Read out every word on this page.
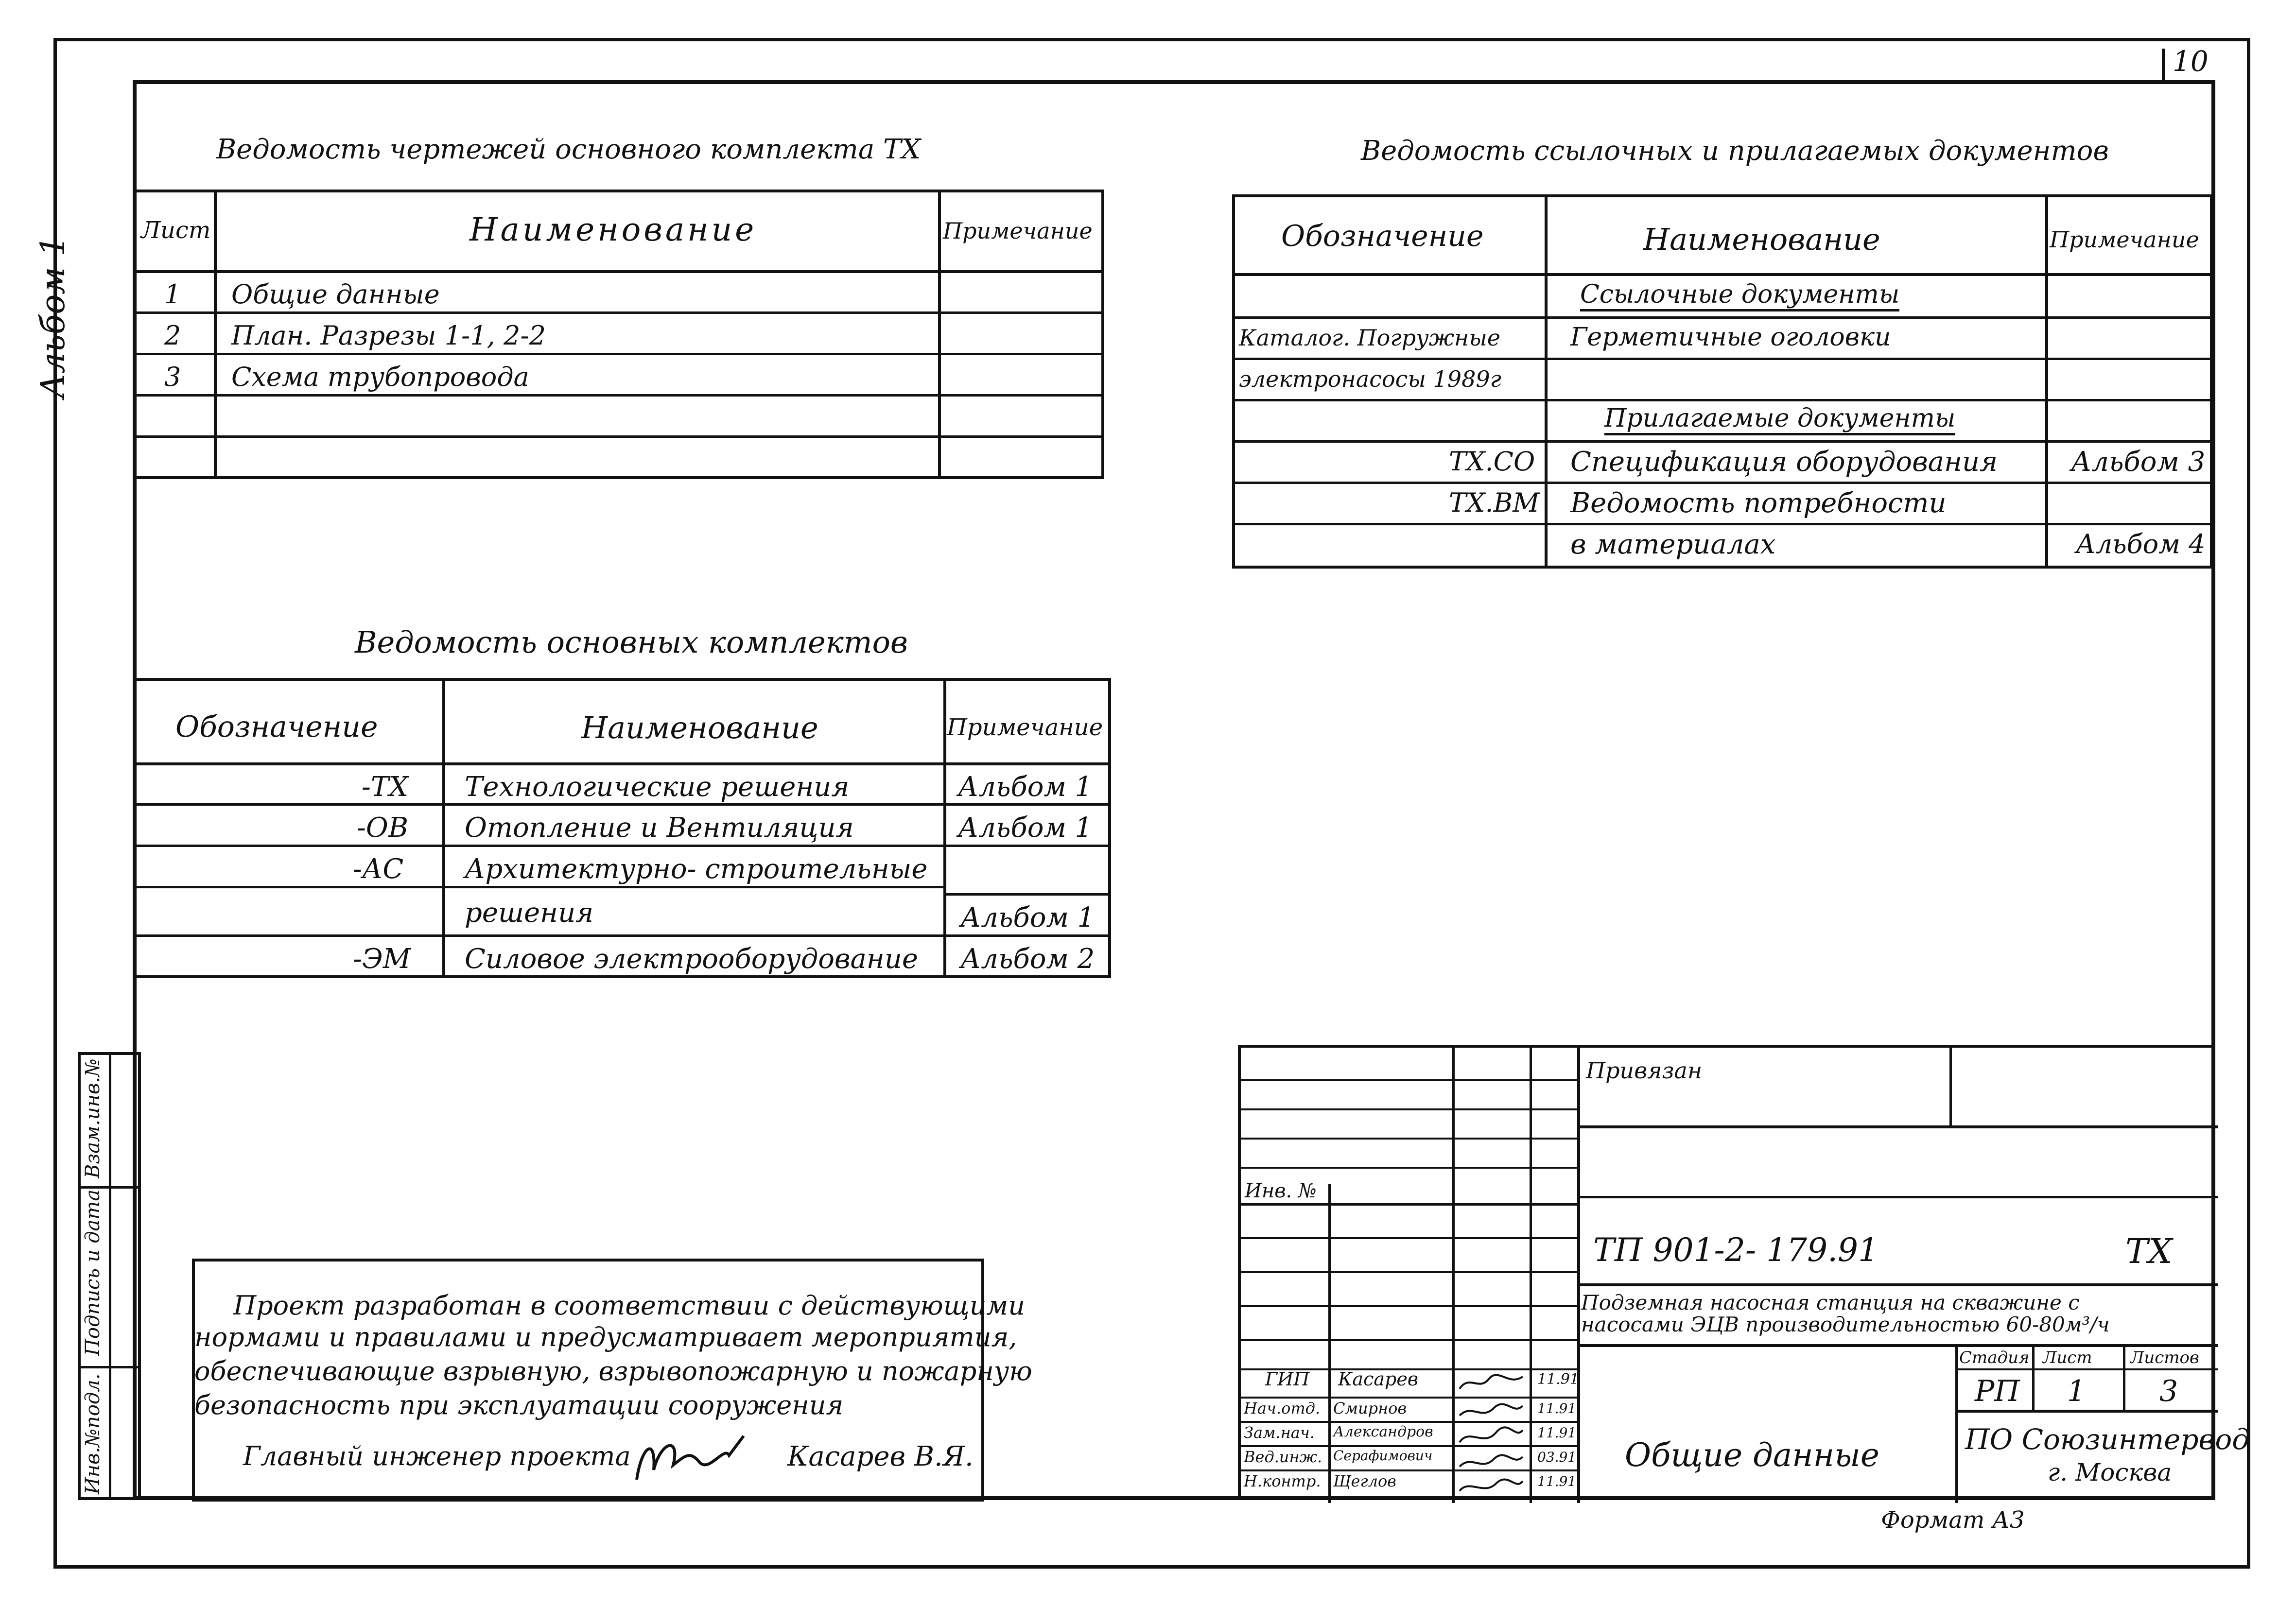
10
Альбом 1
Ведомость чертежей основного комплекта ТХ
Лист	Наименование	Примечание
1 Общие данные
2 План. Разрезы 1-1, 2-2
3 Схема трубопровода
Ведомость ссылочных и прилагаемых документов
Обозначение	Наименование	Примечание
Ссылочные документы
Каталог. Погружные	Герметичные оголовки
электронасосы 1989г
Прилагаемые документы
ТХ.СО Спецификация оборудования	Альбом 3
ТХ.ВМ Ведомость потребности
в материалах	Альбом 4
Ведомость основных комплектов
Обозначение	Наименование	Примечание
-ТХ Технологические решения	Альбом 1
-ОВ Отопление и Вентиляция	Альбом 1
-АС Архитектурно- строительные
решения	Альбом 1
-ЭМ Силовое электрооборудование Альбом 2
Взам.инв.№
Подпись и дата
Инв.№подл.
Проект разработан в соответствии с действующими
нормами и правилами и предусматривает мероприятия,
обеспечивающие взрывную, взрывопожарную и пожарную
безопасность при эксплуатации сооружения
Главный инженер проекта	Касарев В.Я.
Привязан
Инв. №
ТП 901-2- 179.91	ТХ
Подземная насосная станция на скважине с
насосами ЭЦВ производительностью 60-80м³/ч
Стадия Лист Листов
РП 1	3
Общие данные	ПО Союзинтервод
г. Москва
ГИП Касарев	11.91
Нач.отд. Смирнов	11.91
Зам.нач. Александров	11.91
Вед.инж. Серафимович	03.91
Н.контр. Щеглов	11.91
Формат А3
